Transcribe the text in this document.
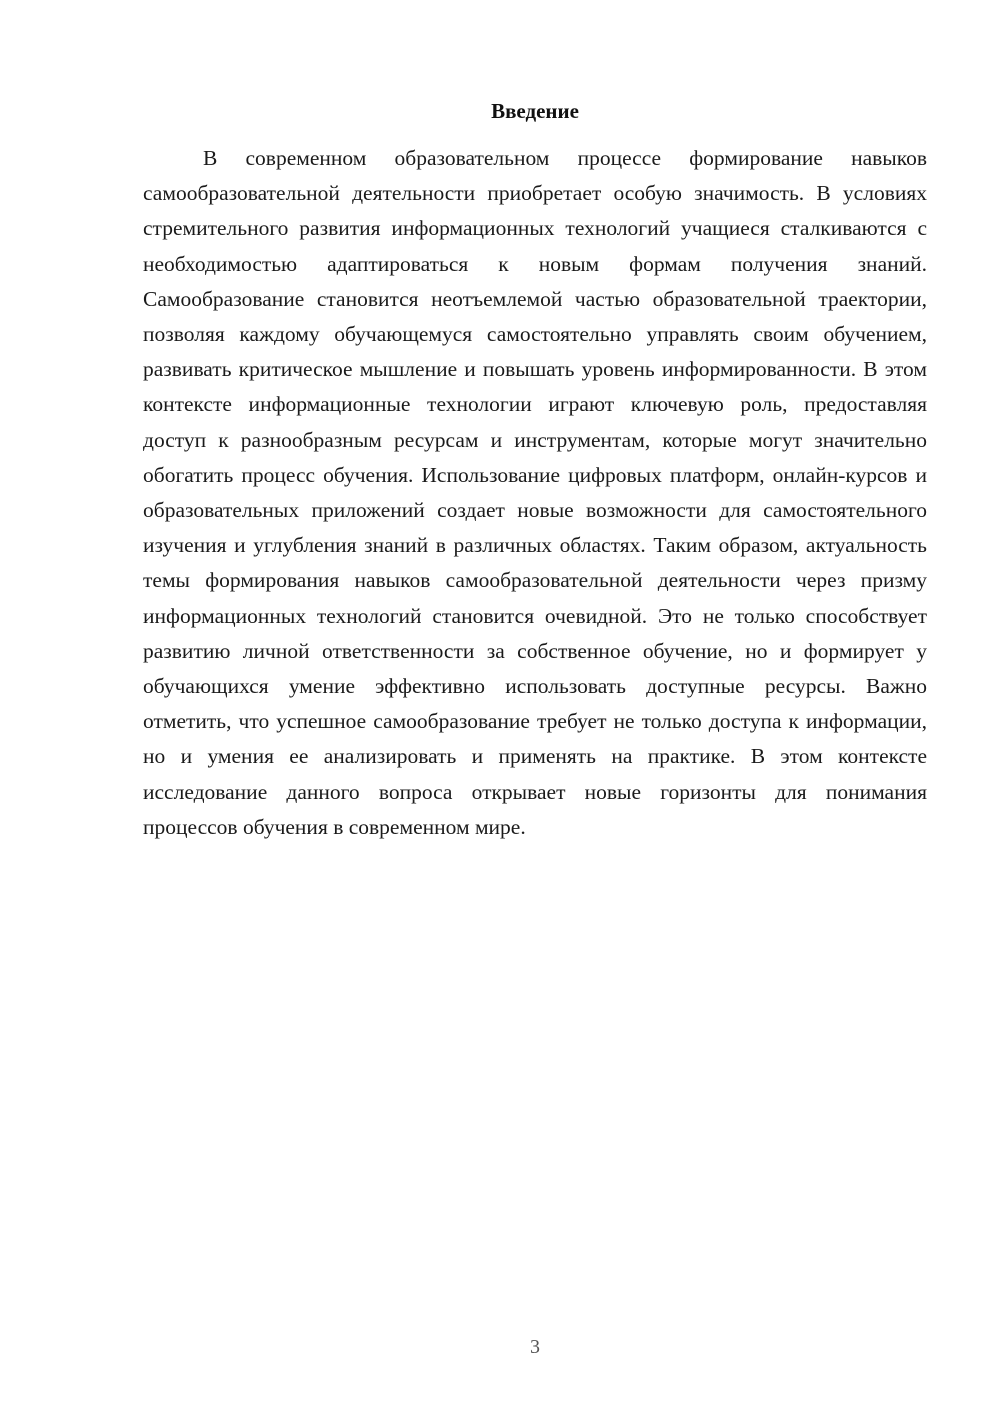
Введение

В современном образовательном процессе формирование навыков самообразовательной деятельности приобретает особую значимость. В условиях стремительного развития информационных технологий учащиеся сталкиваются с необходимостью адаптироваться к новым формам получения знаний. Самообразование становится неотъемлемой частью образовательной траектории, позволяя каждому обучающемуся самостоятельно управлять своим обучением, развивать критическое мышление и повышать уровень информированности. В этом контексте информационные технологии играют ключевую роль, предоставляя доступ к разнообразным ресурсам и инструментам, которые могут значительно обогатить процесс обучения. Использование цифровых платформ, онлайн-курсов и образовательных приложений создает новые возможности для самостоятельного изучения и углубления знаний в различных областях. Таким образом, актуальность темы формирования навыков самообразовательной деятельности через призму информационных технологий становится очевидной. Это не только способствует развитию личной ответственности за собственное обучение, но и формирует у обучающихся умение эффективно использовать доступные ресурсы. Важно отметить, что успешное самообразование требует не только доступа к информации, но и умения ее анализировать и применять на практике. В этом контексте исследование данного вопроса открывает новые горизонты для понимания процессов обучения в современном мире.

3
